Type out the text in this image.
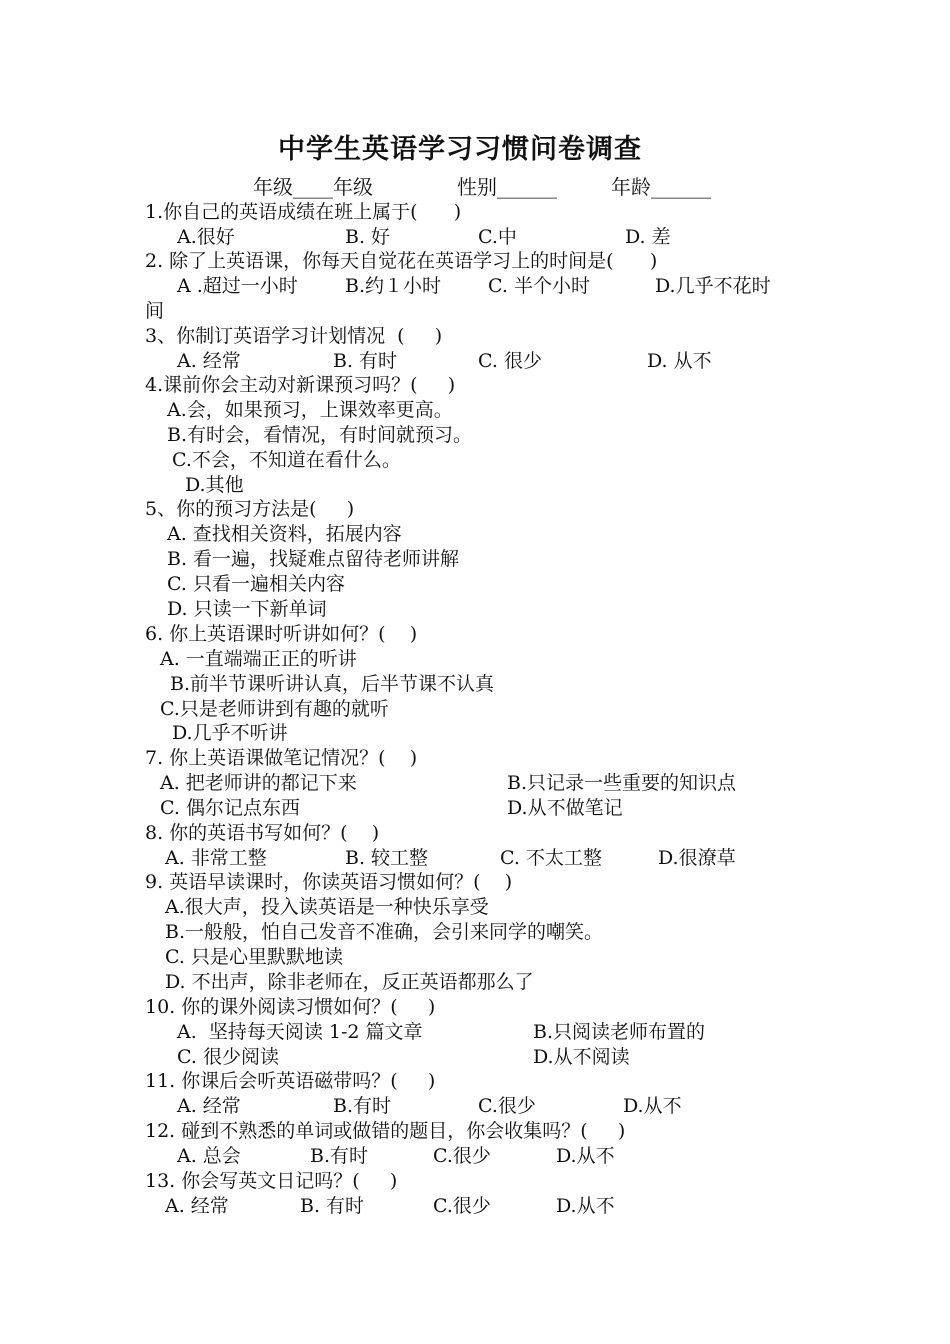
中学生英语学习习惯问卷调查
年级____年级	性别______	年龄______
1.你自己的英语成绩在班上属于(      )
A.很好	B. 好	C.中	D. 差
2. 除了上英语课，你每天自觉花在英语学习上的时间是(      )
A .超过一小时 B.约１小时 C. 半个小时	D.几乎不花时
间
3、你制订英语学习计划情况  (     )
A. 经常	B. 有时	C. 很少	D. 从不
4.课前你会主动对新课预习吗？(     )
A.会，如果预习，上课效率更高。
B.有时会，看情况，有时间就预习。
C.不会，不知道在看什么。
D.其他
5、你的预习方法是(     )
A. 查找相关资料，拓展内容
B. 看一遍，找疑难点留待老师讲解
C. 只看一遍相关内容
D. 只读一下新单词
6. 你上英语课时听讲如何？(    )
A. 一直端端正正的听讲
B.前半节课听讲认真，后半节课不认真
C.只是老师讲到有趣的就听
D.几乎不听讲
7. 你上英语课做笔记情况？(    )
A. 把老师讲的都记下来	B.只记录一些重要的知识点
C. 偶尔记点东西	D.从不做笔记
8. 你的英语书写如何？(    )
A. 非常工整	B. 较工整	C. 不太工整	D.很潦草
9. 英语早读课时，你读英语习惯如何？(    )
A.很大声，投入读英语是一种快乐享受
B.一般般，怕自己发音不准确，会引来同学的嘲笑。
C. 只是心里默默地读
D. 不出声，除非老师在，反正英语都那么了
10. 你的课外阅读习惯如何？(     )
A.  坚持每天阅读 1-2 篇文章	B.只阅读老师布置的
C. 很少阅读	D.从不阅读
11. 你课后会听英语磁带吗？(     )
A. 经常	B.有时	C.很少	D.从不
12. 碰到不熟悉的单词或做错的题目，你会收集吗？(     )
A. 总会	B.有时	C.很少	D.从不
13. 你会写英文日记吗？(     )
A. 经常	B. 有时	C.很少	D.从不
